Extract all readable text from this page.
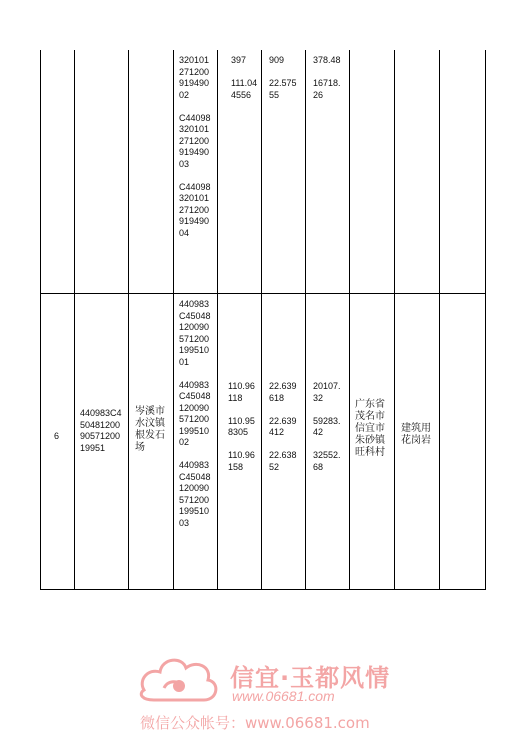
320101
271200
919490
02

C44098
320101
271200
919490
03

C44098
320101
271200
919490
04
397

111.04
4556
909

22.575
55
378.48

16718.
26
6
440983C4
50481200
90571200
19951
岑溪市
水汶镇
根发石
场
440983
C45048
120090
571200
199510
01

440983
C45048
120090
571200
199510
02

440983
C45048
120090
571200
199510
03
110.96
118

110.95
8305

110.96
158
22.639
618

22.639
412

22.638
52
20107.
32

59283.
42

32552.
68
广东省
茂名市
信宜市
朱砂镇
旺科村
建筑用
花岗岩
信宜·玉都风情
www.06681.com
微信公众帐号：www.06681.com
